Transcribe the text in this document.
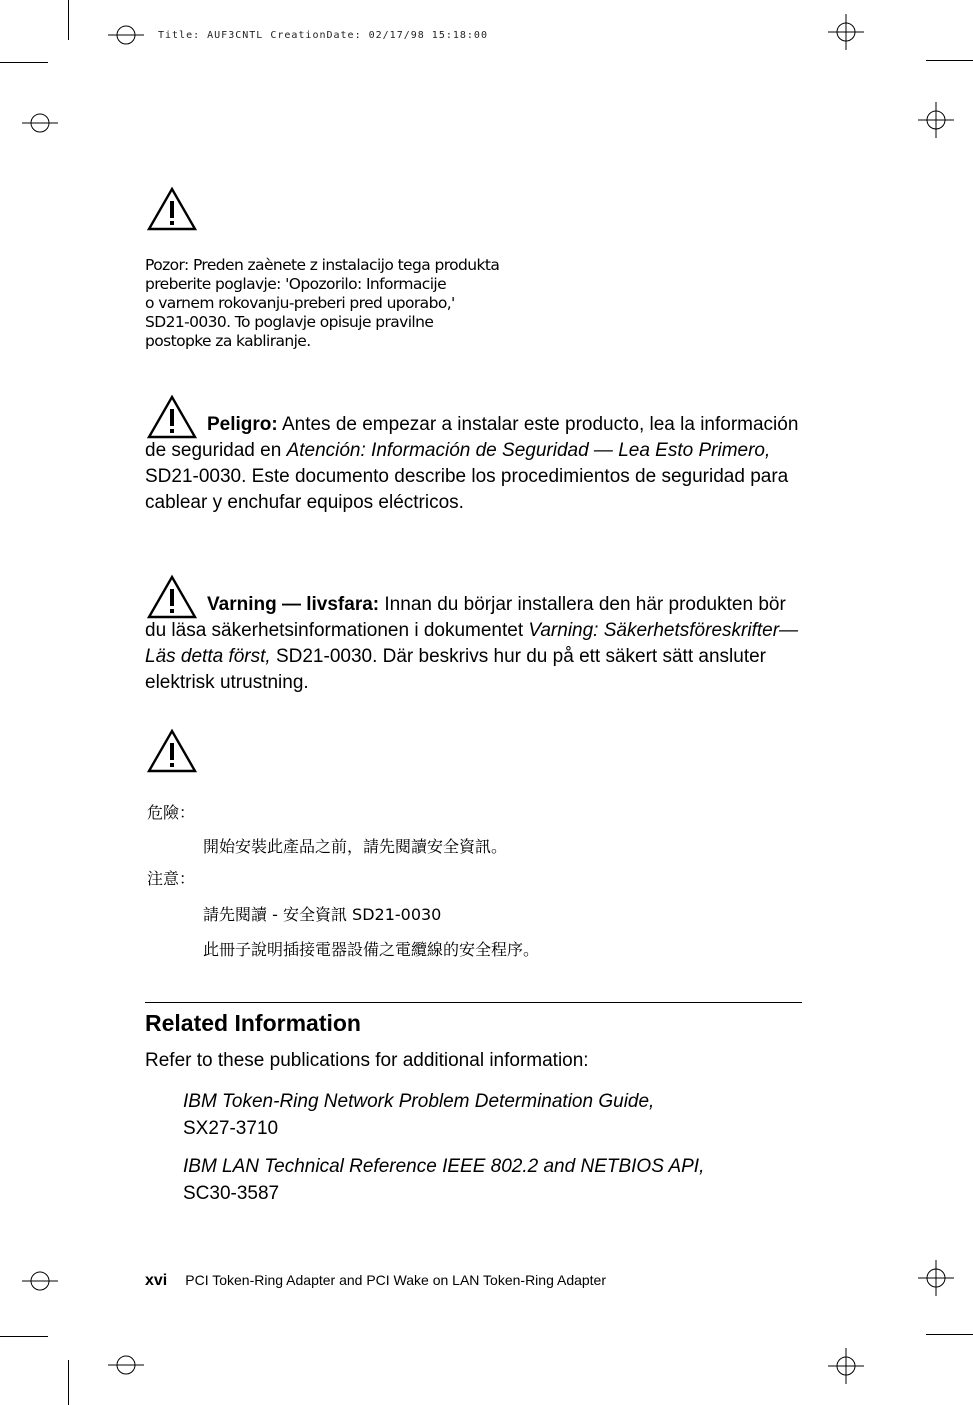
Title: AUF3CNTL CreationDate: 02/17/98 15:18:00
Pozor: Preden zaènete z instalacijo tega produkta
preberite poglavje: 'Opozorilo: Informacije
o varnem rokovanju-preberi pred uporabo,'
SD21-0030. To poglavje opisuje pravilne
postopke za kabliranje.
Peligro: Antes de empezar a instalar este producto, lea la información de seguridad en Atención: Información de Seguridad — Lea Esto Primero, SD21-0030. Este documento describe los procedimientos de seguridad para cablear y enchufar equipos eléctricos.
Varning — livsfara: Innan du börjar installera den här produkten bör du läsa säkerhetsinformationen i dokumentet Varning: Säkerhetsföreskrifter— Läs detta först, SD21-0030. Där beskrivs hur du på ett säkert sätt ansluter elektrisk utrustning.
危險：
開始安裝此產品之前，請先閱讀安全資訊。
注意：
請先閱讀 - 安全資訊 SD21-0030
此冊子說明插接電器設備之電纜線的安全程序。
Related Information
Refer to these publications for additional information:
IBM Token-Ring Network Problem Determination Guide,
SX27-3710
IBM LAN Technical Reference IEEE 802.2 and NETBIOS API,
SC30-3587
xvi PCI Token-Ring Adapter and PCI Wake on LAN Token-Ring Adapter
